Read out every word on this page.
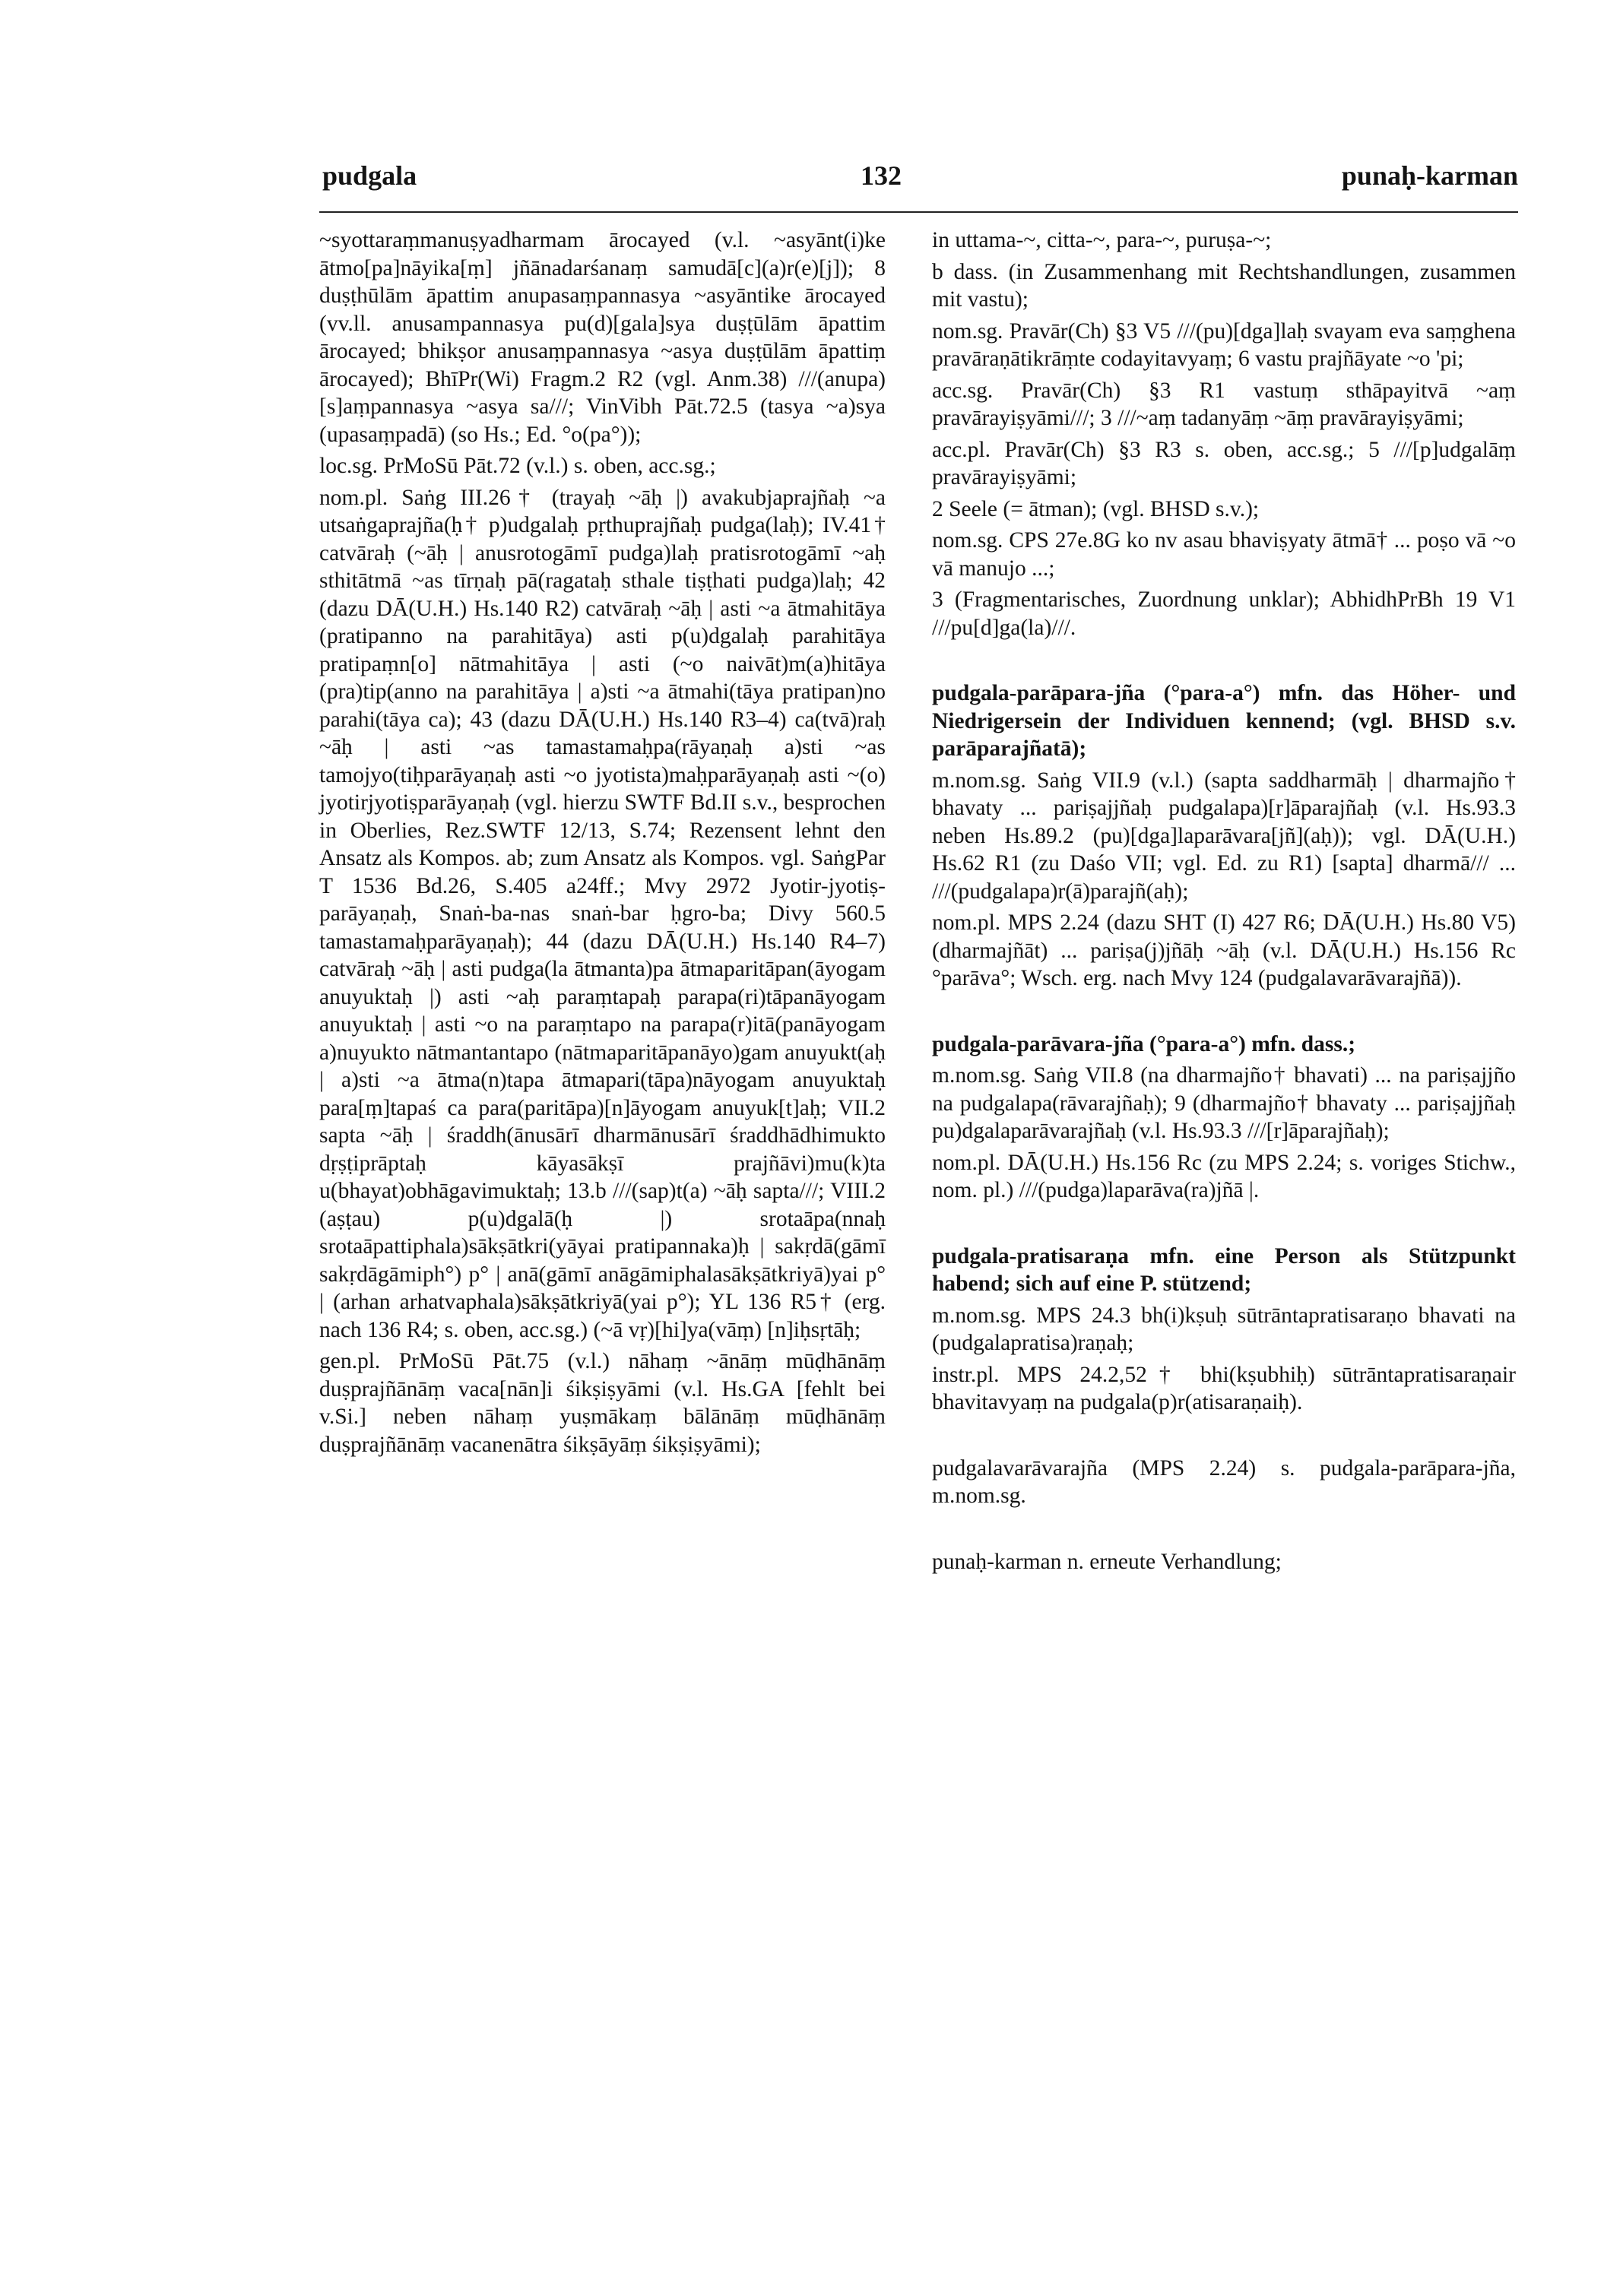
pudgala	132	punaḥ-karman

~syottaraṃmanuṣyadharmam ārocayed (v.l. ~asyānt(i)ke ātmo[pa]nāyika[ṃ] jñānadarśanaṃ samudā[c](a)r(e)[j]); 8 duṣṭhūlām āpattim anupasaṃpannasya ~asyāntike ārocayed (vv.ll. anusampannasya pu(d)[gala]sya duṣṭūlām āpattim ārocayed; bhikṣor anusaṃpannasya ~asya duṣṭūlām āpattiṃ ārocayed); BhīPr(Wi) Fragm.2 R2 (vgl. Anm.38) ///(anupa)[s]aṃpannasya ~asya sa///; VinVibh Pāt.72.5 (tasya ~a)sya (upasaṃpadā) (so Hs.; Ed. °o(pa°));

loc.sg. PrMoSū Pāt.72 (v.l.) s. oben, acc.sg.;

nom.pl. Saṅg III.26† (trayaḥ ~āḥ |) avakubjaprajñaḥ ~a utsaṅgaprajña(ḥ† p)udgalaḥ pṛthuprajñaḥ pudga(laḥ); IV.41† catvāraḥ (~āḥ | anusrotogāmī pudga)laḥ pratisrotogāmī ~aḥ sthitātmā ~as tīrṇaḥ pā(ragataḥ sthale tiṣṭhati pudga)laḥ; 42 (dazu DĀ(U.H.) Hs.140 R2) catvāraḥ ~āḥ | asti ~a ātmahitāya (pratipanno na parahitāya) asti p(u)dgalaḥ parahitāya pratipaṃn[o] nātmahitāya | asti (~o naivāt)m(a)hitāya (pra)tip(anno na parahitāya | a)sti ~a ātmahi(tāya pratipan)no parahi(tāya ca); 43 (dazu DĀ(U.H.) Hs.140 R3–4) ca(tvā)raḥ ~āḥ | asti ~as tamastamaḥpa(rāyaṇaḥ a)sti ~as tamojyo(tiḥparāyaṇaḥ asti ~o jyotista)maḥparāyaṇaḥ asti ~(o) jyotirjyotiṣparāyaṇaḥ (vgl. hierzu SWTF Bd.II s.v., besprochen in Oberlies, Rez.SWTF 12/13, S.74; Rezensent lehnt den Ansatz als Kompos. ab; zum Ansatz als Kompos. vgl. SaṅgPar T 1536 Bd.26, S.405 a24ff.; Mvy 2972 Jyotir-jyotiṣ-parāyaṇaḥ, Snaṅ-ba-nas snaṅ-bar ḥgro-ba; Divy 560.5 tamastamaḥparāyaṇaḥ); 44 (dazu DĀ(U.H.) Hs.140 R4–7) catvāraḥ ~āḥ | asti pudga(la ātmanta)pa ātmaparitāpan(āyogam anuyuktaḥ |) asti ~aḥ paraṃtapaḥ parapa(ri)tāpanāyogam anuyuktaḥ | asti ~o na paraṃtapo na parapa(r)itā(panāyogam a)nuyukto nātmantantapo (nātmaparitāpanāyo)gam anuyukt(aḥ | a)sti ~a ātma(n)tapa ātmapari(tāpa)nāyogam anuyuktaḥ para[ṃ]tapaś ca para(paritāpa)[n]āyogam anuyuk[t]aḥ; VII.2 sapta ~āḥ | śraddh(ānusārī dharmānusārī śraddhādhimukto dṛṣṭiprāptaḥ kāyasākṣī prajñāvi)mu(k)ta u(bhayat)obhāgavimuktaḥ; 13.b ///(sap)t(a) ~āḥ sapta///; VIII.2 (aṣṭau) p(u)dgalā(ḥ |) srotaāpa(nnaḥ srotaāpattiphala)sākṣātkri(yāyai pratipannaka)ḥ | sakṛdā(gāmī sakṛdāgāmiph°) p° | anā(gāmī anāgāmiphalasākṣātkriyā)yai p° | (arhan arhatvaphala)sākṣātkriyā(yai p°); YL 136 R5† (erg. nach 136 R4; s. oben, acc.sg.) (~ā vṛ)[hi]ya(vāṃ) [n]iḥsṛtāḥ;

gen.pl. PrMoSū Pāt.75 (v.l.) nāhaṃ ~ānāṃ mūḍhānāṃ duṣprajñānāṃ vaca[nān]i śikṣiṣyāmi (v.l. Hs.GA [fehlt bei v.Si.] neben nāhaṃ yuṣmākaṃ bālānāṃ mūḍhānāṃ duṣprajñānāṃ vacanenātra śikṣāyāṃ śikṣiṣyāmi);

in uttama-~, citta-~, para-~, puruṣa-~;

b dass. (in Zusammenhang mit Rechtshandlungen, zusammen mit vastu);

nom.sg. Pravār(Ch) §3 V5 ///(pu)[dga]laḥ svayam eva saṃghena pravāraṇātikrāṃte codayitavyaṃ; 6 vastu prajñāyate ~o 'pi;

acc.sg. Pravār(Ch) §3 R1 vastuṃ sthāpayitvā ~aṃ pravārayiṣyāmi///; 3 ///~aṃ tadanyāṃ ~āṃ pravārayiṣyāmi;

acc.pl. Pravār(Ch) §3 R3 s. oben, acc.sg.; 5 ///[p]udgalāṃ pravārayiṣyāmi;

2 Seele (= ātman); (vgl. BHSD s.v.);

nom.sg. CPS 27e.8G ko nv asau bhaviṣyaty ātmā† ... poṣo vā ~o vā manujo ...;

3 (Fragmentarisches, Zuordnung unklar); AbhidhPrBh 19 V1 ///pu[d]ga(la)///.

pudgala-parāpara-jña (°para-a°) mfn. das Höher- und Niedrigersein der Individuen kennend; (vgl. BHSD s.v. parāparajñatā);

m.nom.sg. Saṅg VII.9 (v.l.) (sapta saddharmāḥ | dharmajño† bhavaty ... pariṣajjñaḥ pudgalapa)[r]āparajñaḥ (v.l. Hs.93.3 neben Hs.89.2 (pu)[dga]laparāvara[jñ](aḥ)); vgl. DĀ(U.H.) Hs.62 R1 (zu Daśo VII; vgl. Ed. zu R1) [sapta] dharmā/// ... ///(pudgalapa)r(ā)parajñ(aḥ);

nom.pl. MPS 2.24 (dazu SHT (I) 427 R6; DĀ(U.H.) Hs.80 V5) (dharmajñāt) ... pariṣa(j)jñāḥ ~āḥ (v.l. DĀ(U.H.) Hs.156 Rc °parāva°; Wsch. erg. nach Mvy 124 (pudgalavarāvarajñā)).

pudgala-parāvara-jña (°para-a°) mfn. dass.;

m.nom.sg. Saṅg VII.8 (na dharmajño† bhavati) ... na pariṣajjño na pudgalapa(rāvarajñaḥ); 9 (dharmajño† bhavaty ... pariṣajjñaḥ pu)dgalaparāvarajñaḥ (v.l. Hs.93.3 ///[r]āparajñaḥ);

nom.pl. DĀ(U.H.) Hs.156 Rc (zu MPS 2.24; s. voriges Stichw., nom. pl.) ///(pudga)laparāva(ra)jñā |.

pudgala-pratisaraṇa mfn. eine Person als Stützpunkt habend; sich auf eine P. stützend;

m.nom.sg. MPS 24.3 bh(i)kṣuḥ sūtrāntapratisaraṇo bhavati na (pudgalapratisa)raṇaḥ;

instr.pl. MPS 24.2,52† bhi(kṣubhiḥ) sūtrāntapratisaraṇair bhavitavyaṃ na pudgala(p)r(atisaraṇaiḥ).

pudgalavarāvarajña (MPS 2.24) s. pudgala-parāpara-jña, m.nom.sg.

punaḥ-karman n. erneute Verhandlung;
